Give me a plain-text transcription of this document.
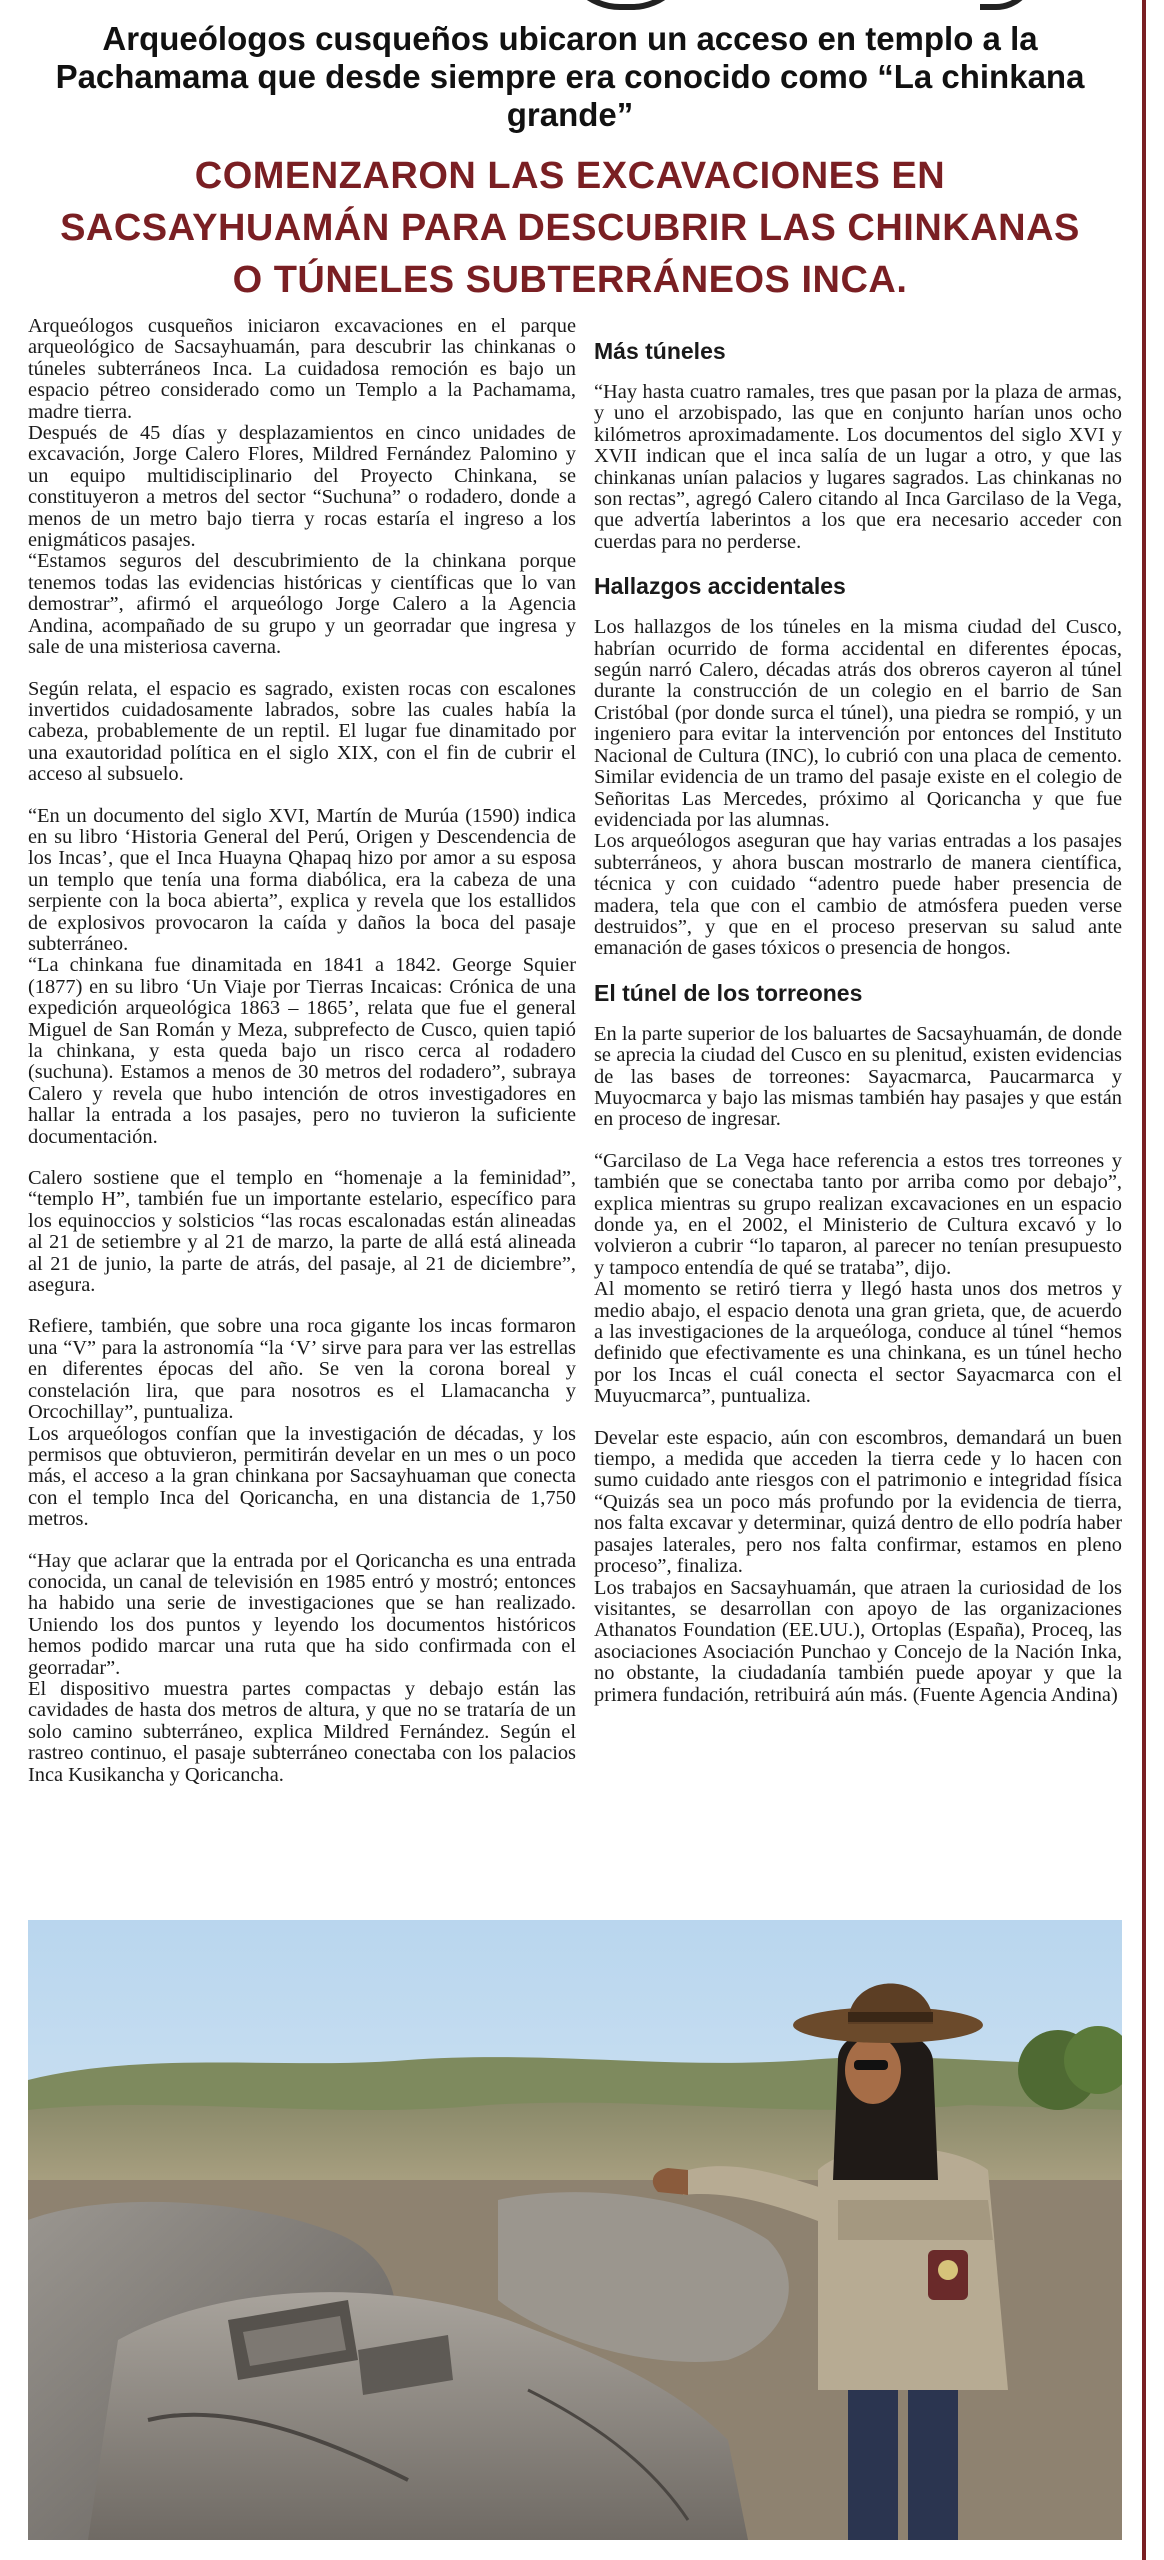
Arqueólogos cusqueños ubicaron un acceso en templo a la Pachamama que desde siempre era conocido como “La chinkana grande”
COMENZARON LAS EXCAVACIONES EN SACSAYHUAMÁN PARA DESCUBRIR LAS CHINKANAS O TÚNELES SUBTERRÁNEOS INCA.

Arqueólogos cusqueños iniciaron excavaciones en el parque arqueológico de Sacsayhuamán, para descubrir las chinkanas o túneles subterráneos Inca. La cuidadosa remoción es bajo un espacio pétreo considerado como un Templo a la Pachamama, madre tierra.

Después de 45 días y desplazamientos en cinco unidades de excavación, Jorge Calero Flores, Mildred Fernández Palomino y un equipo multidisciplinario del Proyecto Chinkana, se constituyeron a metros del sector “Suchuna” o rodadero, donde a menos de un metro bajo tierra y rocas estaría el ingreso a los enigmáticos pasajes.

“Estamos seguros del descubrimiento de la chinkana porque tenemos todas las evidencias históricas y científicas que lo van demostrar”, afirmó el arqueólogo Jorge Calero a la Agencia Andina, acompañado de su grupo y un georradar que ingresa y sale de una misteriosa caverna.

Según relata, el espacio es sagrado, existen rocas con escalones invertidos cuidadosamente labrados, sobre las cuales había la cabeza, probablemente de un reptil. El lugar fue dinamitado por una exautoridad política en el siglo XIX, con el fin de cubrir el acceso al subsuelo.

“En un documento del siglo XVI, Martín de Murúa (1590) indica en su libro ‘Historia General del Perú, Origen y Descendencia de los Incas’, que el Inca Huayna Qhapaq hizo por amor a su esposa un templo que tenía una forma diabólica, era la cabeza de una serpiente con la boca abierta”, explica y revela que los estallidos de explosivos provocaron la caída y daños la boca del pasaje subterráneo.

“La chinkana fue dinamitada en 1841 a 1842. George Squier (1877) en su libro ‘Un Viaje por Tierras Incaicas: Crónica de una expedición arqueológica 1863 – 1865’, relata que fue el general Miguel de San Román y Meza, subprefecto de Cusco, quien tapió la chinkana, y esta queda bajo un risco cerca al rodadero (suchuna). Estamos a menos de 30 metros del rodadero”, subraya Calero y revela que hubo intención de otros investigadores en hallar la entrada a los pasajes, pero no tuvieron la suficiente documentación.

Calero sostiene que el templo en “homenaje a la feminidad”, “templo H”, también fue un importante estelario, específico para los equinoccios y solsticios “las rocas escalonadas están alineadas al 21 de setiembre y al 21 de marzo, la parte de allá está alineada al 21 de junio, la parte de atrás, del pasaje, al 21 de diciembre”, asegura.

Refiere, también, que sobre una roca gigante los incas formaron una “V” para la astronomía “la ‘V’ sirve para para ver las estrellas en diferentes épocas del año. Se ven la corona boreal y constelación lira, que para nosotros es el Llamacancha y Orcochillay”, puntualiza.

Los arqueólogos confían que la investigación de décadas, y los permisos que obtuvieron, permitirán develar en un mes o un poco más, el acceso a la gran chinkana por Sacsayhuaman que conecta con el templo Inca del Qoricancha, en una distancia de 1,750 metros.

“Hay que aclarar que la entrada por el Qoricancha es una entrada conocida, un canal de televisión en 1985 entró y mostró; entonces ha habido una serie de investigaciones que se han realizado. Uniendo los dos puntos y leyendo los documentos históricos hemos podido marcar una ruta que ha sido confirmada con el georradar”.

El dispositivo muestra partes compactas y debajo están las cavidades de hasta dos metros de altura, y que no se trataría de un solo camino subterráneo, explica Mildred Fernández. Según el rastreo continuo, el pasaje subterráneo conectaba con los palacios Inca Kusikancha y Qoricancha.

Más túneles

“Hay hasta cuatro ramales, tres que pasan por la plaza de armas, y uno el arzobispado, las que en conjunto harían unos ocho kilómetros aproximadamente. Los documentos del siglo XVI y XVII indican que el inca salía de un lugar a otro, y que las chinkanas unían palacios y lugares sagrados. Las chinkanas no son rectas”, agregó Calero citando al Inca Garcilaso de la Vega, que advertía laberintos a los que era necesario acceder con cuerdas para no perderse.

Hallazgos accidentales

Los hallazgos de los túneles en la misma ciudad del Cusco, habrían ocurrido de forma accidental en diferentes épocas, según narró Calero, décadas atrás dos obreros cayeron al túnel durante la construcción de un colegio en el barrio de San Cristóbal (por donde surca el túnel), una piedra se rompió, y un ingeniero para evitar la intervención por entonces del Instituto Nacional de Cultura (INC), lo cubrió con una placa de cemento. Similar evidencia de un tramo del pasaje existe en el colegio de Señoritas Las Mercedes, próximo al Qoricancha y que fue evidenciada por las alumnas.

Los arqueólogos aseguran que hay varias entradas a los pasajes subterráneos, y ahora buscan mostrarlo de manera científica, técnica y con cuidado “adentro puede haber presencia de madera, tela que con el cambio de atmósfera pueden verse destruidos”, y que en el proceso preservan su salud ante emanación de gases tóxicos o presencia de hongos.

El túnel de los torreones

En la parte superior de los baluartes de Sacsayhuamán, de donde se aprecia la ciudad del Cusco en su plenitud, existen evidencias de las bases de torreones: Sayacmarca, Paucarmarca y Muyocmarca y bajo las mismas también hay pasajes y que están en proceso de ingresar.

“Garcilaso de La Vega hace referencia a estos tres torreones y también que se conectaba tanto por arriba como por debajo”, explica mientras su grupo realizan excavaciones en un espacio donde ya, en el 2002, el Ministerio de Cultura excavó y lo volvieron a cubrir “lo taparon, al parecer no tenían presupuesto y tampoco entendía de qué se trataba”, dijo.

Al momento se retiró tierra y llegó hasta unos dos metros y medio abajo, el espacio denota una gran grieta, que, de acuerdo a las investigaciones de la arqueóloga, conduce al túnel “hemos definido que efectivamente es una chinkana, es un túnel hecho por los Incas el cuál conecta el sector Sayacmarca con el Muyucmarca”, puntualiza.

Develar este espacio, aún con escombros, demandará un buen tiempo, a medida que acceden la tierra cede y lo hacen con sumo cuidado ante riesgos con el patrimonio e integridad física “Quizás sea un poco más profundo por la evidencia de tierra, nos falta excavar y determinar, quizá dentro de ello podría haber pasajes laterales, pero nos falta confirmar, estamos en pleno proceso”, finaliza.

Los trabajos en Sacsayhuamán, que atraen la curiosidad de los visitantes, se desarrollan con apoyo de las organizaciones Athanatos Foundation (EE.UU.), Ortoplas (España), Proceq, las asociaciones Asociación Punchao y Concejo de la Nación Inka, no obstante, la ciudadanía también puede apoyar y que la primera fundación, retribuirá aún más. (Fuente Agencia Andina)
